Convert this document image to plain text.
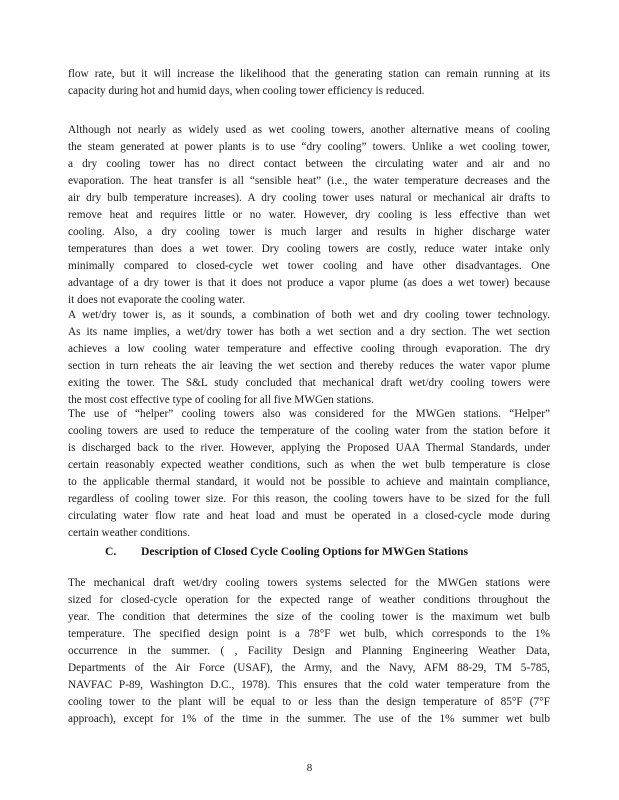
flow rate, but it will increase the likelihood that the generating station can remain running at its
capacity during hot and humid days, when cooling tower efficiency is reduced.
Although not nearly as widely used as wet cooling towers, another alternative means of cooling
the steam generated at power plants is to use “dry cooling” towers. Unlike a wet cooling tower,
a dry cooling tower has no direct contact between the circulating water and air and no
evaporation. The heat transfer is all “sensible heat” (i.e., the water temperature decreases and the
air dry bulb temperature increases). A dry cooling tower uses natural or mechanical air drafts to
remove heat and requires little or no water. However, dry cooling is less effective than wet
cooling. Also, a dry cooling tower is much larger and results in higher discharge water
temperatures than does a wet tower. Dry cooling towers are costly, reduce water intake only
minimally compared to closed-cycle wet tower cooling and have other disadvantages. One
advantage of a dry tower is that it does not produce a vapor plume (as does a wet tower) because
it does not evaporate the cooling water.
A wet/dry tower is, as it sounds, a combination of both wet and dry cooling tower technology.
As its name implies, a wet/dry tower has both a wet section and a dry section. The wet section
achieves a low cooling water temperature and effective cooling through evaporation. The dry
section in turn reheats the air leaving the wet section and thereby reduces the water vapor plume
exiting the tower. The S&L study concluded that mechanical draft wet/dry cooling towers were
the most cost effective type of cooling for all five MWGen stations.
The use of “helper” cooling towers also was considered for the MWGen stations. “Helper”
cooling towers are used to reduce the temperature of the cooling water from the station before it
is discharged back to the river. However, applying the Proposed UAA Thermal Standards, under
certain reasonably expected weather conditions, such as when the wet bulb temperature is close
to the applicable thermal standard, it would not be possible to achieve and maintain compliance,
regardless of cooling tower size. For this reason, the cooling towers have to be sized for the full
circulating water flow rate and heat load and must be operated in a closed-cycle mode during
certain weather conditions.
C. Description of Closed Cycle Cooling Options for MWGen Stations
The mechanical draft wet/dry cooling towers systems selected for the MWGen stations were
sized for closed-cycle operation for the expected range of weather conditions throughout the
year. The condition that determines the size of the cooling tower is the maximum wet bulb
temperature. The specified design point is a 78°F wet bulb, which corresponds to the 1%
occurrence in the summer. ( , Facility Design and Planning Engineering Weather Data,
Departments of the Air Force (USAF), the Army, and the Navy, AFM 88-29, TM 5-785,
NAVFAC P-89, Washington D.C., 1978). This ensures that the cold water temperature from the
cooling tower to the plant will be equal to or less than the design temperature of 85°F (7°F
approach), except for 1% of the time in the summer. The use of the 1% summer wet bulb
8
